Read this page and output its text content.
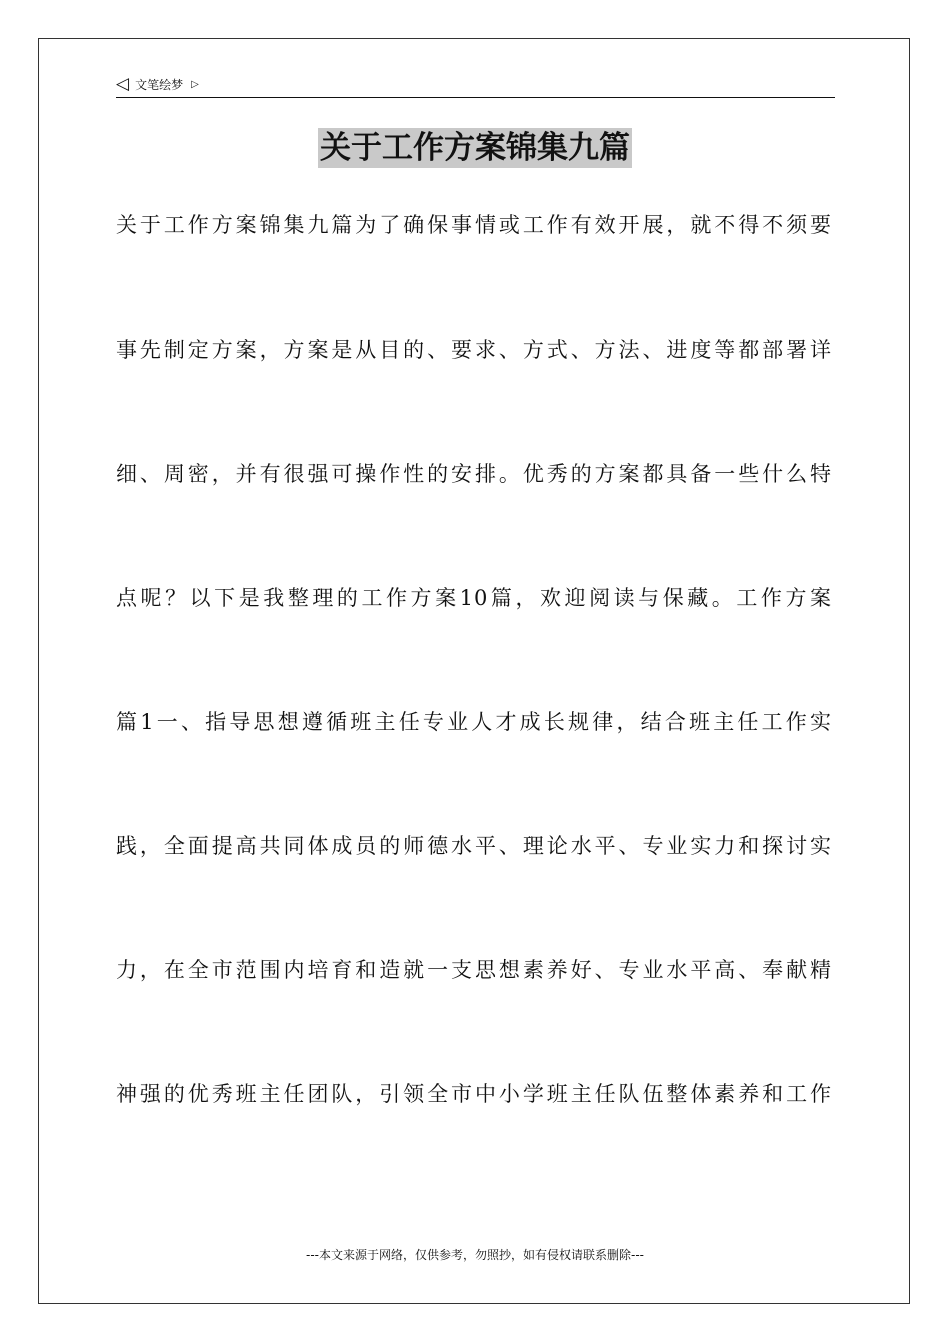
◁ 文笔绘梦 ▷
关于工作方案锦集九篇
关于工作方案锦集九篇为了确保事情或工作有效开展，就不得不须要
事先制定方案，方案是从目的、要求、方式、方法、进度等都部署详
细、周密，并有很强可操作性的安排。优秀的方案都具备一些什么特
点呢？以下是我整理的工作方案10篇，欢迎阅读与保藏。工作方案
篇1一、指导思想遵循班主任专业人才成长规律，结合班主任工作实
践，全面提高共同体成员的师德水平、理论水平、专业实力和探讨实
力，在全市范围内培育和造就一支思想素养好、专业水平高、奉献精
神强的优秀班主任团队，引领全市中小学班主任队伍整体素养和工作
---本文来源于网络，仅供参考，勿照抄，如有侵权请联系删除---
